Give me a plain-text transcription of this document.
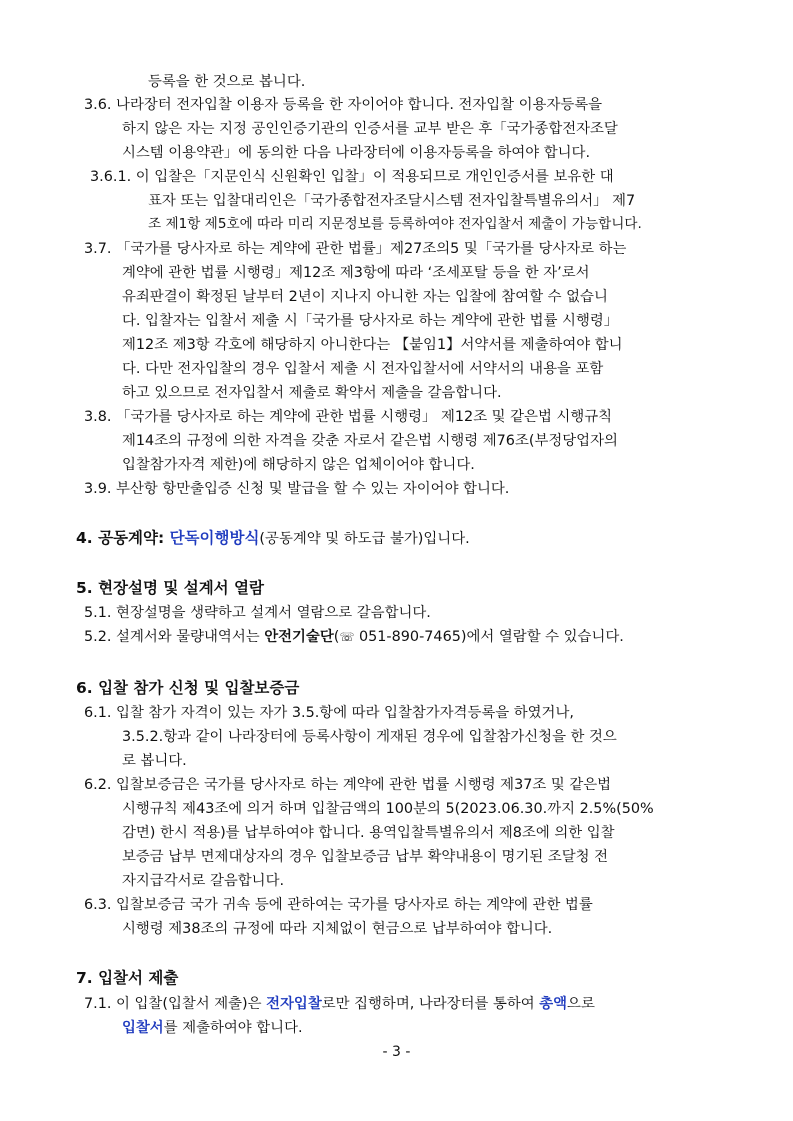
등록을 한 것으로 봅니다.
3.6. 나라장터 전자입찰 이용자 등록을 한 자이어야 합니다. 전자입찰 이용자등록을
하지 않은 자는 지정 공인인증기관의 인증서를 교부 받은 후「국가종합전자조달
시스템 이용약관」에 동의한 다음 나라장터에 이용자등록을 하여야 합니다.
3.6.1. 이 입찰은「지문인식 신원확인 입찰」이 적용되므로 개인인증서를 보유한 대
표자 또는 입찰대리인은「국가종합전자조달시스템 전자입찰특별유의서」 제7
조 제1항 제5호에 따라 미리 지문정보를 등록하여야 전자입찰서 제출이 가능합니다.
3.7. 「국가를 당사자로 하는 계약에 관한 법률」제27조의5 및「국가를 당사자로 하는
계약에 관한 법률 시행령」제12조 제3항에 따라 ‘조세포탈 등을 한 자’로서
유죄판결이 확정된 날부터 2년이 지나지 아니한 자는 입찰에 참여할 수 없습니
다. 입찰자는 입찰서 제출 시「국가를 당사자로 하는 계약에 관한 법률 시행령」
제12조 제3항 각호에 해당하지 아니한다는 【붙임1】서약서를 제출하여야 합니
다. 다만 전자입찰의 경우 입찰서 제출 시 전자입찰서에 서약서의 내용을 포함
하고 있으므로 전자입찰서 제출로 확약서 제출을 갈음합니다.
3.8. 「국가를 당사자로 하는 계약에 관한 법률 시행령」 제12조 및 같은법 시행규칙
제14조의 규정에 의한 자격을 갖춘 자로서 같은법 시행령 제76조(부정당업자의
입찰참가자격 제한)에 해당하지 않은 업체이어야 합니다.
3.9. 부산항 항만출입증 신청 및 발급을 할 수 있는 자이어야 합니다.
4. 공동계약: 단독이행방식(공동계약 및 하도급 불가)입니다.
5. 현장설명 및 설계서 열람
5.1. 현장설명을 생략하고 설계서 열람으로 갈음합니다.
5.2. 설계서와 물량내역서는 안전기술단(☏ 051-890-7465)에서 열람할 수 있습니다.
6. 입찰 참가 신청 및 입찰보증금
6.1. 입찰 참가 자격이 있는 자가 3.5.항에 따라 입찰참가자격등록을 하였거나,
3.5.2.항과 같이 나라장터에 등록사항이 게재된 경우에 입찰참가신청을 한 것으
로 봅니다.
6.2. 입찰보증금은 국가를 당사자로 하는 계약에 관한 법률 시행령 제37조 및 같은법
시행규칙 제43조에 의거 하며 입찰금액의 100분의 5(2023.06.30.까지 2.5%(50%
감면) 한시 적용)를 납부하여야 합니다. 용역입찰특별유의서 제8조에 의한 입찰
보증금 납부 면제대상자의 경우 입찰보증금 납부 확약내용이 명기된 조달청 전
자지급각서로 갈음합니다.
6.3. 입찰보증금 국가 귀속 등에 관하여는 국가를 당사자로 하는 계약에 관한 법률
시행령 제38조의 규정에 따라 지체없이 현금으로 납부하여야 합니다.
7. 입찰서 제출
7.1. 이 입찰(입찰서 제출)은 전자입찰로만 집행하며, 나라장터를 통하여 총액으로
입찰서를 제출하여야 합니다.
- 3 -
